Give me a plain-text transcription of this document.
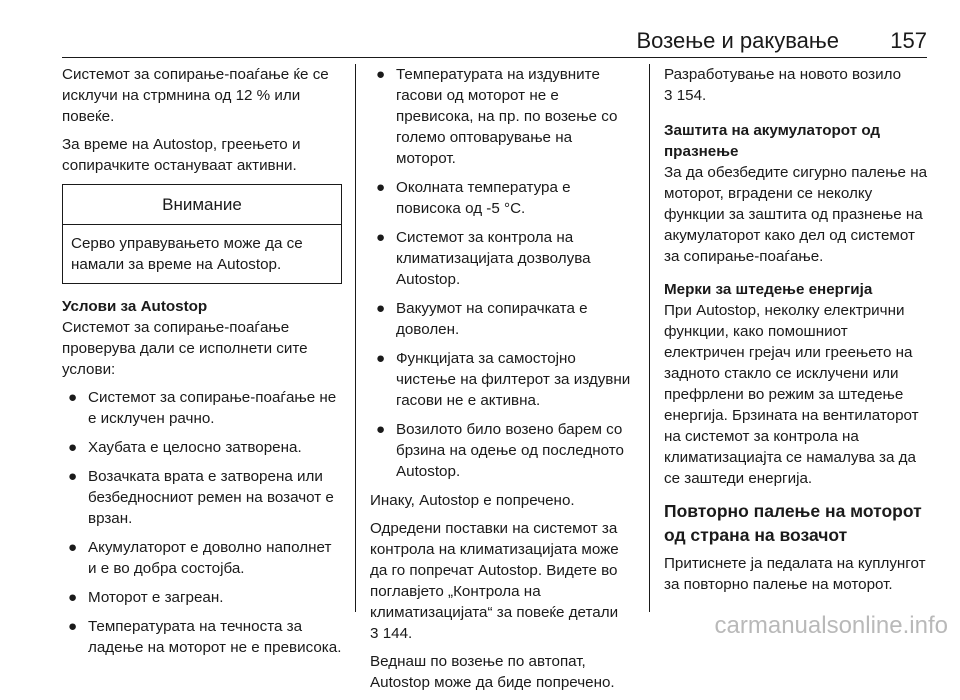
Возење и ракување 157

Системот за сопирање-поаѓање ќе се исклучи на стрмнина од 12 % или повеќе.

За време на Autostop, греењето и сопирачките остануваат активни.

Внимание
Серво управувањето може да се намали за време на Autostop.
Услови за Autostop

Системот за сопирање-поаѓање проверува дали се исполнети сите услови:

● Системот за сопирање-поаѓање не е исклучен рачно.
● Хаубата е целосно затворена.
● Возачката врата е затворена или безбедносниот ремен на возачот е врзан.
● Акумулаторот е доволно наполнет и е во добра состојба.
● Моторот е загреан.
● Температурата на течноста за ладење на моторот не е превисока.
● Температурата на издувните гасови од моторот не е превисока, на пр. по возење со големо оптоварување на моторот.
● Околната температура е повисока од -5 °C.
● Системот за контрола на климатизацијата дозволува Autostop.
● Вакуумот на сопирачката е доволен.
● Функцијата за самостојно чистење на филтерот за издувни гасови не е активна.
● Возилото било возено барем со брзина на одење од последното Autostop.

Инаку, Autostop е попречено.

Одредени поставки на системот за контрола на климатизацијата може да го попречат Autostop. Видете во поглавјето „Контрола на климатизацијата“ за повеќе детали
3 144.

Веднаш по возење по автопат, Autostop може да биде попречено.

Разработување на новото возило
3 154.

Заштита на акумулаторот од празнење

За да обезбедите сигурно палење на моторот, вградени се неколку функции за заштита од празнење на акумулаторот како дел од системот за сопирање-поаѓање.

Мерки за штедење енергија

При Autostop, неколку електрични функции, како помошниот електричен грејач или греењето на задното стакло се исклучени или префрлени во режим за штедење енергија. Брзината на вентилаторот на системот за контрола на климатизациајта се намалува за да се заштеди енергија.

Повторно палење на моторот од страна на возачот

Притиснете ја педалата на куплунгот за повторно палење на моторот.

carmanualsonline.info
